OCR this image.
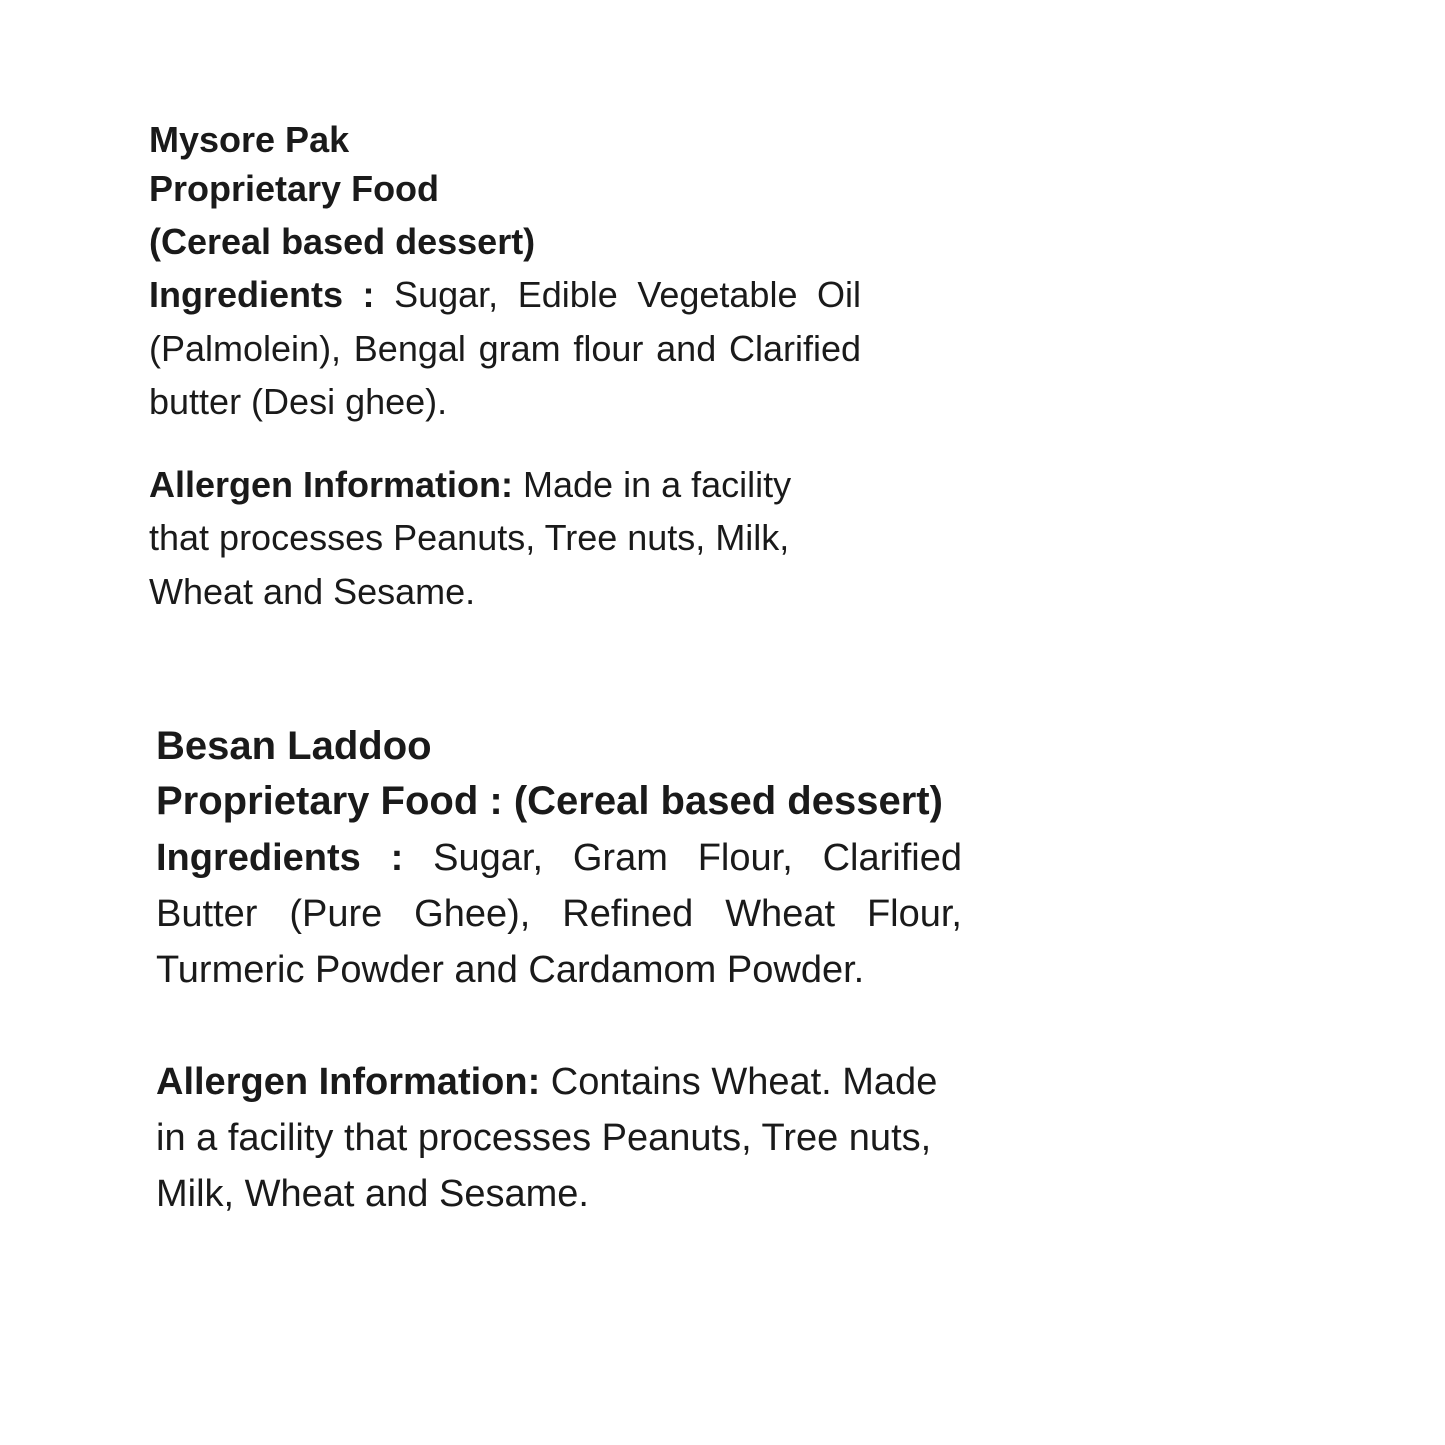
Mysore Pak

Proprietary Food

(Cereal based dessert)

Ingredients : Sugar, Edible Vegetable Oil (Palmolein), Bengal gram flour and Clarified butter (Desi ghee).

Allergen Information: Made in a facility that processes Peanuts, Tree nuts, Milk, Wheat and Sesame.

Besan Laddoo

Proprietary Food : (Cereal based dessert)

Ingredients : Sugar, Gram Flour, Clarified Butter (Pure Ghee), Refined Wheat Flour, Turmeric Powder and Cardamom Powder.

Allergen Information: Contains Wheat. Made in a facility that processes Peanuts, Tree nuts, Milk, Wheat and Sesame.
